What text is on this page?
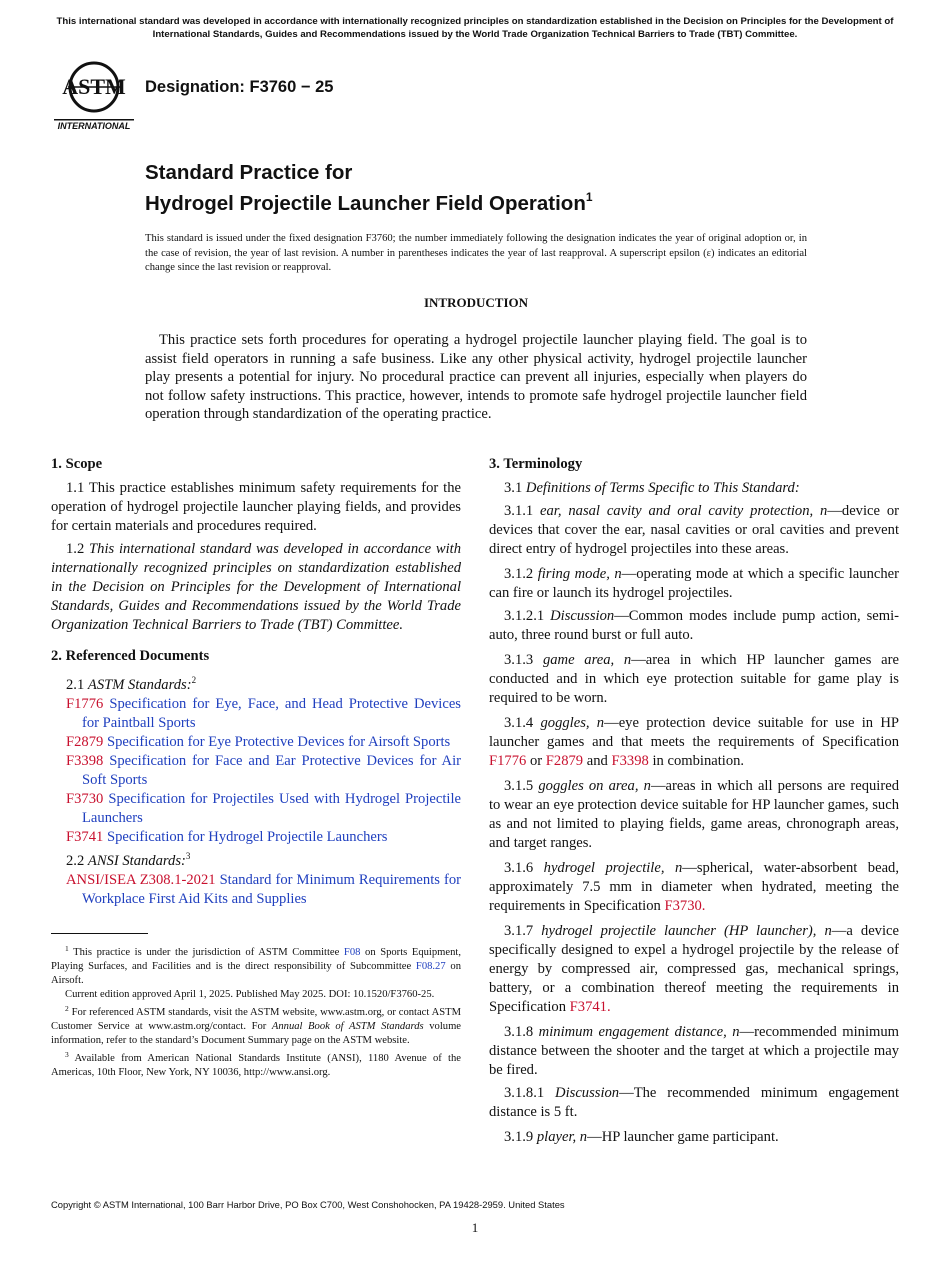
This international standard was developed in accordance with internationally recognized principles on standardization established in the Decision on Principles for the Development of International Standards, Guides and Recommendations issued by the World Trade Organization Technical Barriers to Trade (TBT) Committee.
ASTM
INTERNATIONAL
Designation: F3760 − 25
Standard Practice for
Hydrogel Projectile Launcher Field Operation$^1$
This standard is issued under the fixed designation F3760; the number immediately following the designation indicates the year of original adoption or, in the case of revision, the year of last revision. A number in parentheses indicates the year of last reapproval. A superscript epsilon (ε) indicates an editorial change since the last revision or reapproval.
INTRODUCTION
This practice sets forth procedures for operating a hydrogel projectile launcher playing field. The goal is to assist field operators in running a safe business. Like any other physical activity, hydrogel projectile launcher play presents a potential for injury. No procedural practice can prevent all injuries, especially when players do not follow safety instructions. This practice, however, intends to promote safe hydrogel projectile launcher field operation through standardization of the operating practice.
1. Scope

1.1 This practice establishes minimum safety requirements for the operation of hydrogel projectile launcher playing fields, and provides for certain materials and procedures required.

1.2 This international standard was developed in accordance with internationally recognized principles on standardization established in the Decision on Principles for the Development of International Standards, Guides and Recommendations issued by the World Trade Organization Technical Barriers to Trade (TBT) Committee.

2. Referenced Documents

2.1 ASTM Standards:$^2$

F1776 Specification for Eye, Face, and Head Protective Devices for Paintball Sports

F2879 Specification for Eye Protective Devices for Airsoft Sports

F3398 Specification for Face and Ear Protective Devices for Air Soft Sports

F3730 Specification for Projectiles Used with Hydrogel Projectile Launchers

F3741 Specification for Hydrogel Projectile Launchers

2.2 ANSI Standards:$^3$

ANSI/ISEA Z308.1-2021 Standard for Minimum Requirements for Workplace First Aid Kits and Supplies

$^1$ This practice is under the jurisdiction of ASTM Committee F08 on Sports Equipment, Playing Surfaces, and Facilities and is the direct responsibility of Subcommittee F08.27 on Airsoft.

Current edition approved April 1, 2025. Published May 2025. DOI: 10.1520/F3760-25.

$^2$ For referenced ASTM standards, visit the ASTM website, www.astm.org, or contact ASTM Customer Service at www.astm.org/contact. For Annual Book of ASTM Standards volume information, refer to the standard’s Document Summary page on the ASTM website.

$^3$ Available from American National Standards Institute (ANSI), 1180 Avenue of the Americas, 10th Floor, New York, NY 10036, http://www.ansi.org.

3. Terminology

3.1 Definitions of Terms Specific to This Standard:

3.1.1 ear, nasal cavity and oral cavity protection, n—device or devices that cover the ear, nasal cavities or oral cavities and prevent direct entry of hydrogel projectiles into these areas.

3.1.2 firing mode, n—operating mode at which a specific launcher can fire or launch its hydrogel projectiles.

3.1.2.1 Discussion—Common modes include pump action, semi-auto, three round burst or full auto.

3.1.3 game area, n—area in which HP launcher games are conducted and in which eye protection suitable for game play is required to be worn.

3.1.4 goggles, n—eye protection device suitable for use in HP launcher games and that meets the requirements of Specification F1776 or F2879 and F3398 in combination.

3.1.5 goggles on area, n—areas in which all persons are required to wear an eye protection device suitable for HP launcher games, such as and not limited to playing fields, game areas, chronograph areas, and target ranges.

3.1.6 hydrogel projectile, n—spherical, water-absorbent bead, approximately 7.5 mm in diameter when hydrated, meeting the requirements in Specification F3730.

3.1.7 hydrogel projectile launcher (HP launcher), n—a device specifically designed to expel a hydrogel projectile by the release of energy by compressed air, compressed gas, mechanical springs, battery, or a combination thereof meeting the requirements in Specification F3741.

3.1.8 minimum engagement distance, n—recommended minimum distance between the shooter and the target at which a projectile may be fired.

3.1.8.1 Discussion—The recommended minimum engagement distance is 5 ft.

3.1.9 player, n—HP launcher game participant.

Copyright © ASTM International, 100 Barr Harbor Drive, PO Box C700, West Conshohocken, PA 19428-2959. United States
1
